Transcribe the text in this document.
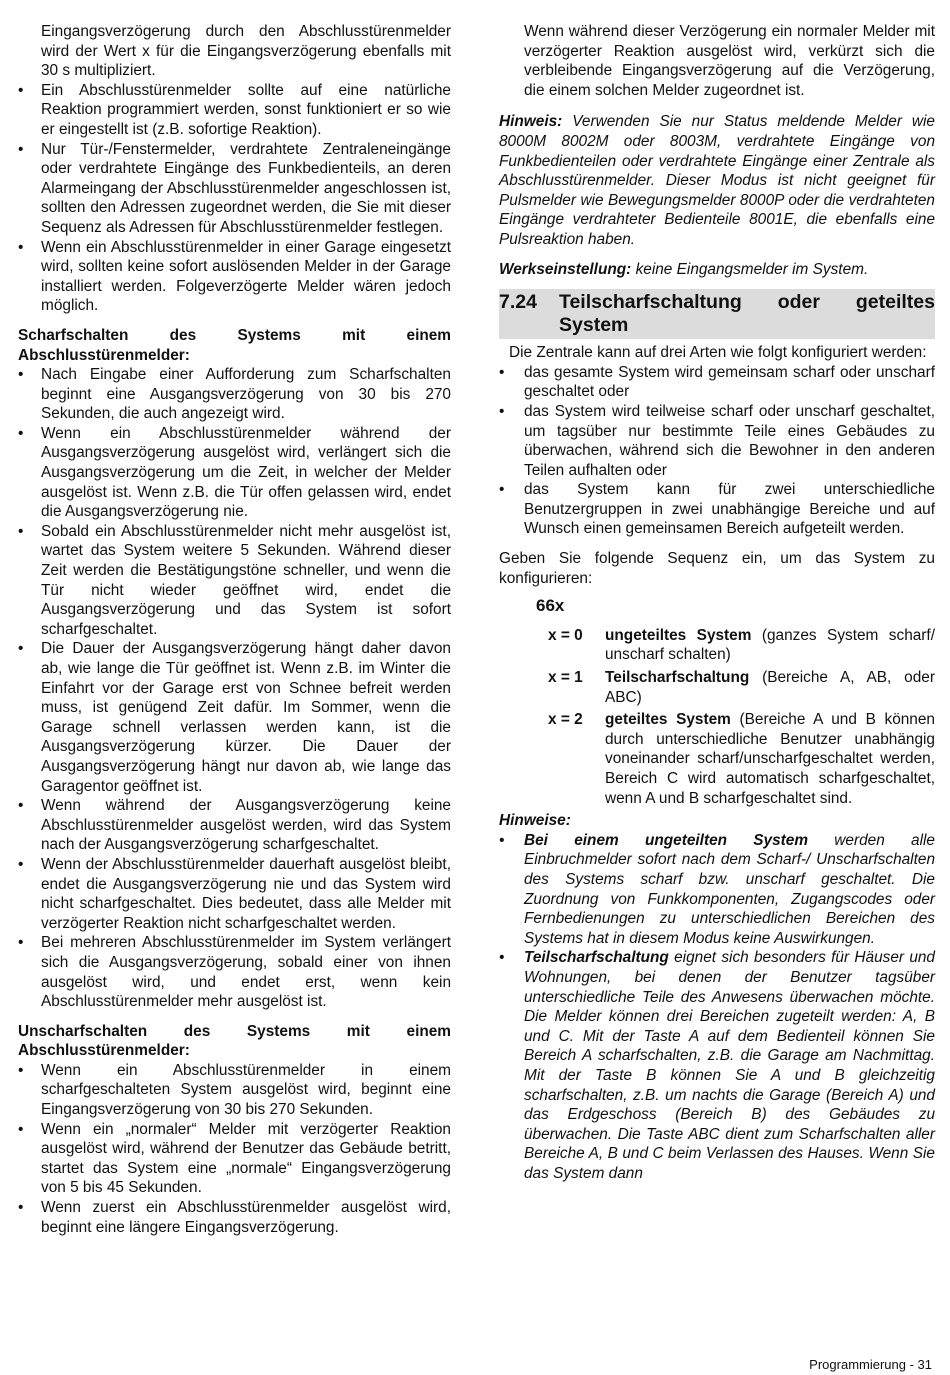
Eingangsverzögerung durch den Abschlusstürenmelder wird der Wert x für die Eingangsverzögerung ebenfalls mit 30 s multipliziert.

• Ein Abschlusstürenmelder sollte auf eine natürliche Reaktion programmiert werden, sonst funktioniert er so wie er eingestellt ist (z.B. sofortige Reaktion).
• Nur Tür-/Fenstermelder, verdrahtete Zentraleneingänge oder verdrahtete Eingänge des Funkbedienteils, an deren Alarmeingang der Abschlusstürenmelder angeschlossen ist, sollten den Adressen zugeordnet werden, die Sie mit dieser Sequenz als Adressen für Abschlusstürenmelder festlegen.
• Wenn ein Abschlusstürenmelder in einer Garage eingesetzt wird, sollten keine sofort auslösenden Melder in der Garage installiert werden. Folgeverzögerte Melder wären jedoch möglich.

Scharfschalten des Systems mit einem Abschlusstürenmelder:

• Nach Eingabe einer Aufforderung zum Scharfschalten beginnt eine Ausgangsverzögerung von 30 bis 270 Sekunden, die auch angezeigt wird.
• Wenn ein Abschlusstürenmelder während der Ausgangsverzögerung ausgelöst wird, verlängert sich die Ausgangsverzögerung um die Zeit, in welcher der Melder ausgelöst ist. Wenn z.B. die Tür offen gelassen wird, endet die Ausgangsverzögerung nie.
• Sobald ein Abschlusstürenmelder nicht mehr ausgelöst ist, wartet das System weitere 5 Sekunden. Während dieser Zeit werden die Bestätigungstöne schneller, und wenn die Tür nicht wieder geöffnet wird, endet die Ausgangsverzögerung und das System ist sofort scharfgeschaltet.
• Die Dauer der Ausgangsverzögerung hängt daher davon ab, wie lange die Tür geöffnet ist. Wenn z.B. im Winter die Einfahrt vor der Garage erst von Schnee befreit werden muss, ist genügend Zeit dafür. Im Sommer, wenn die Garage schnell verlassen werden kann, ist die Ausgangsverzögerung kürzer. Die Dauer der Ausgangsverzögerung hängt nur davon ab, wie lange das Garagentor geöffnet ist.
• Wenn während der Ausgangsverzögerung keine Abschlusstürenmelder ausgelöst werden, wird das System nach der Ausgangsverzögerung scharfgeschaltet.
• Wenn der Abschlusstürenmelder dauerhaft ausgelöst bleibt, endet die Ausgangsverzögerung nie und das System wird nicht scharfgeschaltet. Dies bedeutet, dass alle Melder mit verzögerter Reaktion nicht scharfgeschaltet werden.
• Bei mehreren Abschlusstürenmelder im System verlängert sich die Ausgangsverzögerung, sobald einer von ihnen ausgelöst wird, und endet erst, wenn kein Abschlusstürenmelder mehr ausgelöst ist.

Unscharfschalten des Systems mit einem Abschlusstürenmelder:

• Wenn ein Abschlusstürenmelder in einem scharfgeschalteten System ausgelöst wird, beginnt eine Eingangsverzögerung von 30 bis 270 Sekunden.
• Wenn ein „normaler“ Melder mit verzögerter Reaktion ausgelöst wird, während der Benutzer das Gebäude betritt, startet das System eine „normale“ Eingangsverzögerung von 5 bis 45 Sekunden.
• Wenn zuerst ein Abschlusstürenmelder ausgelöst wird, beginnt eine längere Eingangsverzögerung.

Wenn während dieser Verzögerung ein normaler Melder mit verzögerter Reaktion ausgelöst wird, verkürzt sich die verbleibende Eingangsverzögerung auf die Verzögerung, die einem solchen Melder zugeordnet ist.

Hinweis: Verwenden Sie nur Status meldende Melder wie 8000M 8002M oder 8003M, verdrahtete Eingänge von Funkbedienteilen oder verdrahtete Eingänge einer Zentrale als Abschlusstürenmelder. Dieser Modus ist nicht geeignet für Pulsmelder wie Bewegungsmelder 8000P oder die verdrahteten Eingänge verdrahteter Bedienteile 8001E, die ebenfalls eine Pulsreaktion haben.

Werkseinstellung: keine Eingangsmelder im System.

7.24	Teilscharfschaltung oder geteiltes System

Die Zentrale kann auf drei Arten wie folgt konfiguriert werden:

• das gesamte System wird gemeinsam scharf oder unscharf geschaltet oder
• das System wird teilweise scharf oder unscharf geschaltet, um tagsüber nur bestimmte Teile eines Gebäudes zu überwachen, während sich die Bewohner in den anderen Teilen aufhalten oder
• das System kann für zwei unterschiedliche Benutzergruppen in zwei unabhängige Bereiche und auf Wunsch einen gemeinsamen Bereich aufgeteilt werden.

Geben Sie folgende Sequenz ein, um das System zu konfigurieren:

66x
x = 0	ungeteiltes System (ganzes System scharf/ unscharf schalten)
x = 1	Teilscharfschaltung (Bereiche A, AB, oder ABC)
x = 2	geteiltes System (Bereiche A und B können durch unterschiedliche Benutzer unabhängig voneinander scharf/unscharfgeschaltet werden, Bereich C wird automatisch scharfgeschaltet, wenn A und B scharfgeschaltet sind.

Hinweise:

• Bei einem ungeteilten System werden alle Einbruchmelder sofort nach dem Scharf-/ Unscharfschalten des Systems scharf bzw. unscharf geschaltet. Die Zuordnung von Funkkomponenten, Zugangscodes oder Fernbedienungen zu unterschiedlichen Bereichen des Systems hat in diesem Modus keine Auswirkungen.
• Teilscharfschaltung eignet sich besonders für Häuser und Wohnungen, bei denen der Benutzer tagsüber unterschiedliche Teile des Anwesens überwachen möchte. Die Melder können drei Bereichen zugeteilt werden: A, B und C. Mit der Taste A auf dem Bedienteil können Sie Bereich A scharfschalten, z.B. die Garage am Nachmittag. Mit der Taste B können Sie A und B gleichzeitig scharfschalten, z.B. um nachts die Garage (Bereich A) und das Erdgeschoss (Bereich B) des Gebäudes zu überwachen. Die Taste ABC dient zum Scharfschalten aller Bereiche A, B und C beim Verlassen des Hauses. Wenn Sie das System dann
Programmierung - 31
